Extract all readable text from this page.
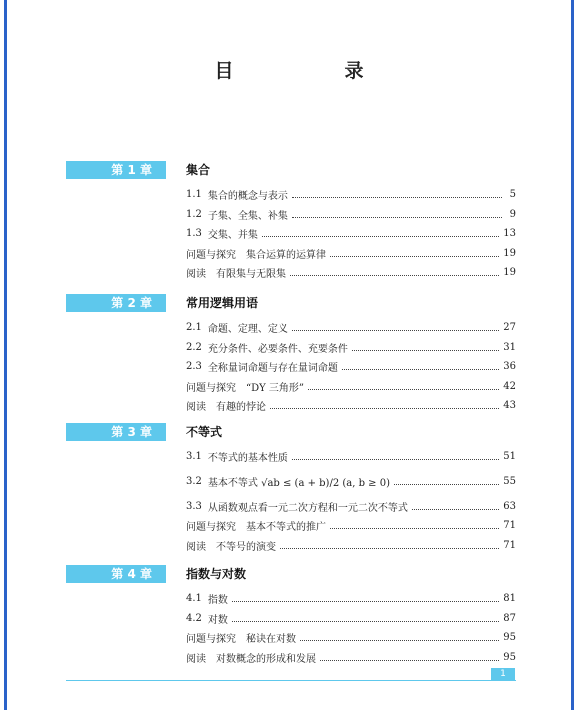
目　录
第 1 章	集合
1.1 集合的概念与表示	5
1.2 子集、全集、补集	9
1.3 交集、并集	13
问题与探究　集合运算的运算律	19
阅读　有限集与无限集	19
第 2 章	常用逻辑用语
2.1 命题、定理、定义	27
2.2 充分条件、必要条件、充要条件	31
2.3 全称量词命题与存在量词命题	36
问题与探究　“DY 三角形”	42
阅读　有趣的悖论	43
第 3 章	不等式
3.1 不等式的基本性质	51
3.2 基本不等式 √ab ≤ (a + b)/2 (a, b ≥ 0)	55
3.3 从函数观点看一元二次方程和一元二次不等式	63
问题与探究　基本不等式的推广	71
阅读　不等号的演变	71
第 4 章	指数与对数
4.1 指数	81
4.2 对数	87
问题与探究　秘诀在对数	95
阅读　对数概念的形成和发展	95
1
